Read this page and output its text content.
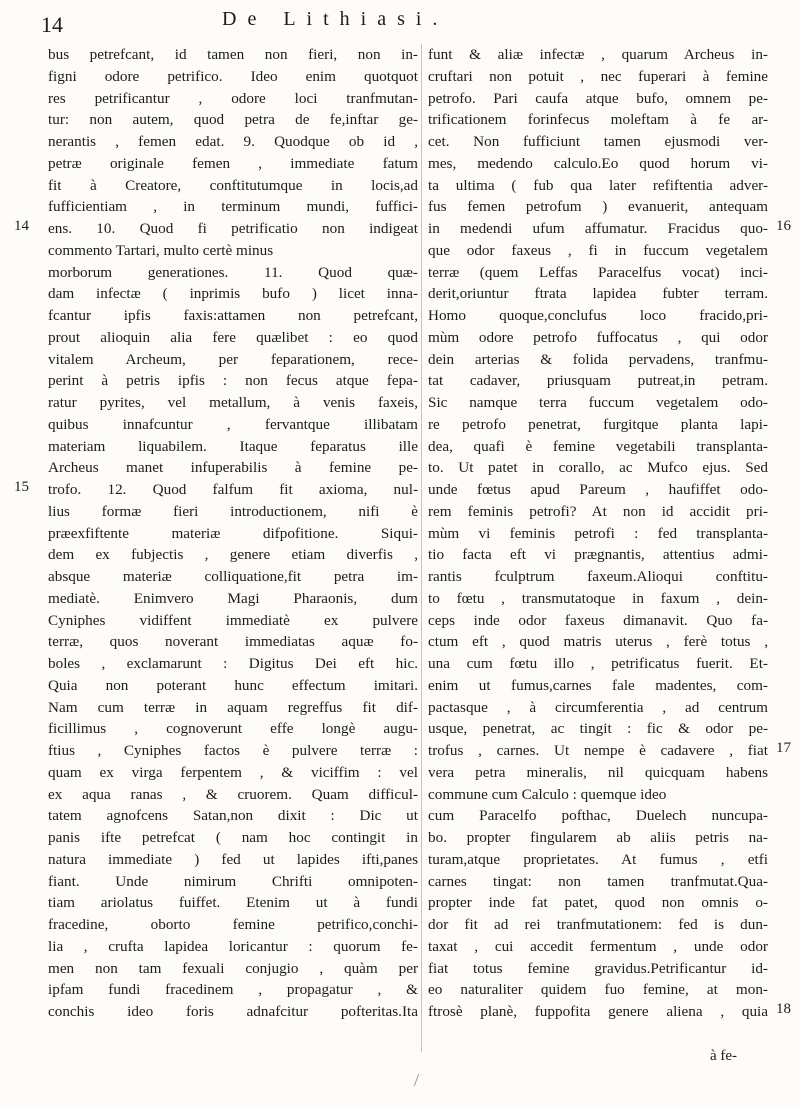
14	De Lithiasi.
bus petrefcant, id tamen non fieri, non in-
figni odore petrifico. Ideo enim quotquot
res petrificantur , odore loci tranfmutan-
tur: non autem, quod petra de fe,inftar ge-
nerantis , femen edat. 9. Quodque ob id ,
petræ originale femen , immediate fatum
fit à Creatore, conftitutumque in locis,ad
fufficientiam , in terminum mundi, fuffici-
ens. 10. Quod fi petrificatio non indigeat
commento Tartari, multo certè minus
morborum generationes. 11. Quod quæ-
dam infectæ ( inprimis bufo ) licet inna-
fcantur ipfis faxis:attamen non petrefcant,
prout alioquin alia fere quælibet : eo quod
vitalem Archeum, per feparationem, rece-
perint à petris ipfis : non fecus atque fepa-
ratur pyrites, vel metallum, à venis faxeis,
quibus innafcuntur , fervantque illibatam
materiam liquabilem. Itaque feparatus ille
Archeus manet infuperabilis à femine pe-
trofo. 12. Quod falfum fit axioma, nul-
lius formæ fieri introductionem, nifi è
præexfiftente materiæ difpofitione. Siqui-
dem ex fubjectis , genere etiam diverfis ,
absque materiæ colliquatione,fit petra im-
mediatè. Enimvero Magi Pharaonis, dum
Cyniphes vidiffent immediatè ex pulvere
terræ, quos noverant immediatas aquæ fo-
boles , exclamarunt : Digitus Dei eft hic.
Quia non poterant hunc effectum imitari.
Nam cum terræ in aquam regreffus fit dif-
ficillimus , cognoverunt effe longè augu-
ftius , Cyniphes factos è pulvere terræ :
quam ex virga ferpentem , & viciffim : vel
ex aqua ranas , & cruorem. Quam difficul-
tatem agnofcens Satan,non dixit : Dic ut
panis ifte petrefcat ( nam hoc contingit in
natura immediate ) fed ut lapides ifti,panes
fiant. Unde nimirum Chrifti omnipoten-
tiam ariolatus fuiffet. Etenim ut à fundi
fracedine, oborto femine petrifico,conchi-
lia , crufta lapidea loricantur : quorum fe-
men non tam fexuali conjugio , quàm per
ipfam fundi fracedinem , propagatur , &
conchis ideo foris adnafcitur pofteritas.Ita
funt & aliæ infectæ , quarum Archeus in-
cruftari non potuit , nec fuperari à femine
petrofo. Pari caufa atque bufo, omnem pe-
trificationem forinfecus moleftam à fe ar-
cet. Non fufficiunt tamen ejusmodi ver-
mes, medendo calculo.Eo quod horum vi-
ta ultima ( fub qua later refiftentia adver-
fus femen petrofum ) evanuerit, antequam
in medendi ufum affumatur. Fracidus quo-
que odor faxeus , fi in fuccum vegetalem
terræ (quem Leffas Paracelfus vocat) inci-
derit,oriuntur ftrata lapidea fubter terram.
Homo quoque,conclufus loco fracido,pri-
mùm odore petrofo fuffocatus , qui odor
dein arterias & folida pervadens, tranfmu-
tat cadaver, priusquam putreat,in petram.
Sic namque terra fuccum vegetalem odo-
re petrofo penetrat, furgitque planta lapi-
dea, quafi è femine vegetabili transplanta-
to. Ut patet in corallo, ac Mufco ejus. Sed
unde fœtus apud Pareum , haufiffet odo-
rem feminis petrofi? At non id accidit pri-
mùm vi feminis petrofi : fed transplanta-
tio facta eft vi prægnantis, attentius admi-
rantis fculptrum faxeum.Alioqui conftitu-
to fœtu , transmutatoque in faxum , dein-
ceps inde odor faxeus dimanavit. Quo fa-
ctum eft , quod matris uterus , ferè totus ,
una cum fœtu illo , petrificatus fuerit. Et-
enim ut fumus,carnes fale madentes, com-
pactasque , à circumferentia , ad centrum
usque, penetrat, ac tingit : fic & odor pe-
trofus , carnes. Ut nempe è cadavere , fiat
vera petra mineralis, nil quicquam habens
commune cum Calculo : quemque ideo
cum Paracelfo pofthac, Duelech nuncupa-
bo. propter fingularem ab aliis petris na-
turam,atque proprietates. At fumus , etfi
carnes tingat: non tamen tranfmutat.Qua-
propter inde fat patet, quod non omnis o-
dor fit ad rei tranfmutationem: fed is dun-
taxat , cui accedit fermentum , unde odor
fiat totus femine gravidus.Petrificantur id-
eo naturaliter quidem fuo femine, at mon-
ftrosè planè, fuppofita genere aliena , quia
14
15
16
17
18
à fe-
